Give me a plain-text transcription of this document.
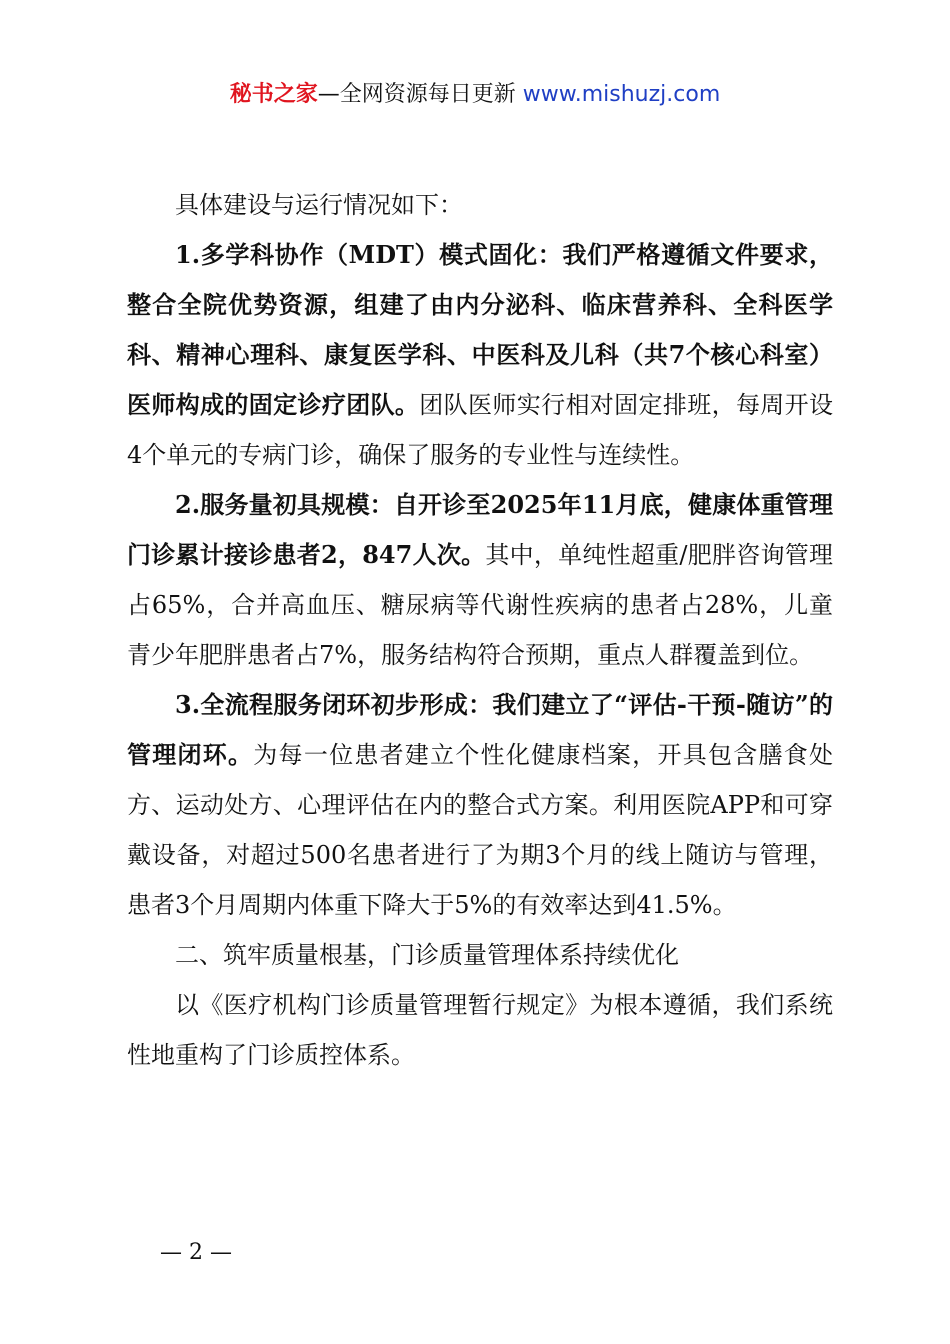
秘书之家—全网资源每日更新 www.mishuzj.com

具体建设与运行情况如下：

1.多学科协作（MDT）模式固化：我们严格遵循文件要求，整合全院优势资源，组建了由内分泌科、临床营养科、全科医学科、精神心理科、康复医学科、中医科及儿科（共7个核心科室）医师构成的固定诊疗团队。团队医师实行相对固定排班，每周开设4个单元的专病门诊，确保了服务的专业性与连续性。

2.服务量初具规模：自开诊至2025年11月底，健康体重管理门诊累计接诊患者2，847人次。其中，单纯性超重/肥胖咨询管理占65%，合并高血压、糖尿病等代谢性疾病的患者占28%，儿童青少年肥胖患者占7%，服务结构符合预期，重点人群覆盖到位。

3.全流程服务闭环初步形成：我们建立了“评估-干预-随访”的管理闭环。为每一位患者建立个性化健康档案，开具包含膳食处方、运动处方、心理评估在内的整合式方案。利用医院APP和可穿戴设备，对超过500名患者进行了为期3个月的线上随访与管理，患者3个月周期内体重下降大于5%的有效率达到41.5%。

二、筑牢质量根基，门诊质量管理体系持续优化

以《医疗机构门诊质量管理暂行规定》为根本遵循，我们系统性地重构了门诊质控体系。

— 2 —
